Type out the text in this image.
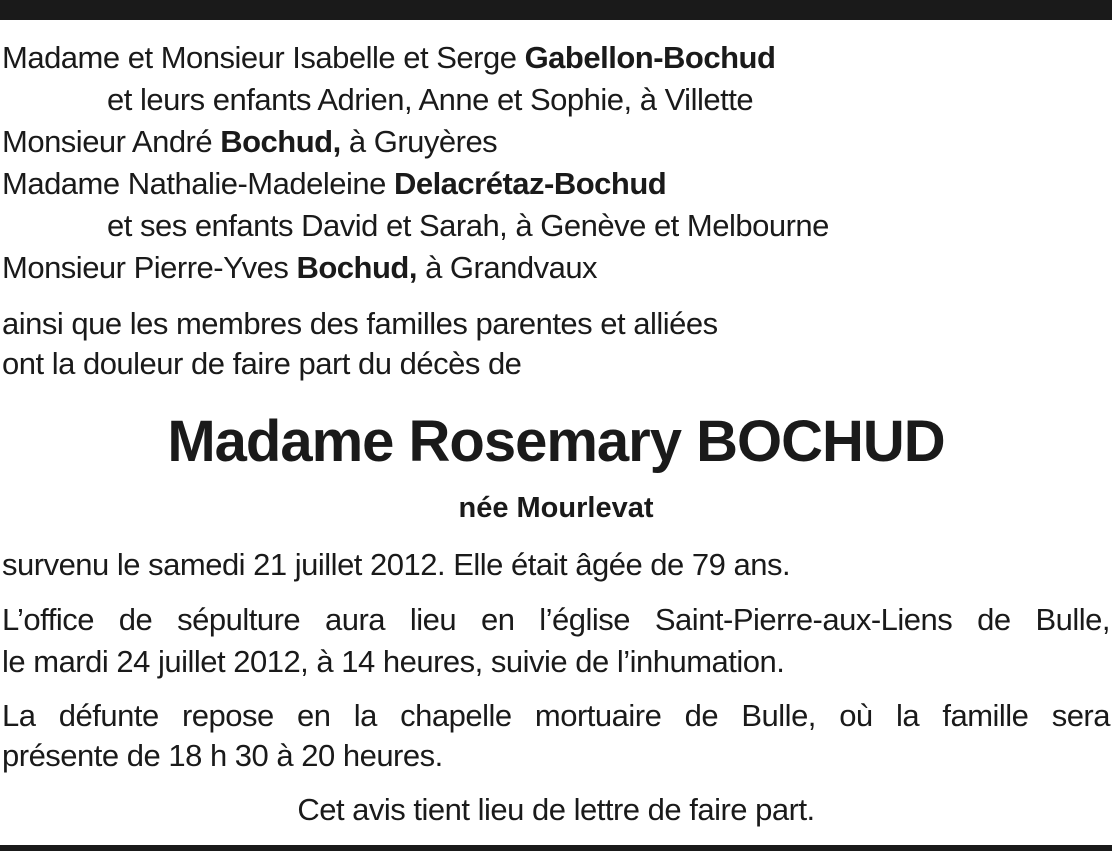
Madame et Monsieur Isabelle et Serge Gabellon-Bochud
et leurs enfants Adrien, Anne et Sophie, à Villette
Monsieur André Bochud, à Gruyères
Madame Nathalie-Madeleine Delacrétaz-Bochud
et ses enfants David et Sarah, à Genève et Melbourne
Monsieur Pierre-Yves Bochud, à Grandvaux
ainsi que les membres des familles parentes et alliées
ont la douleur de faire part du décès de
Madame Rosemary BOCHUD
née Mourlevat
survenu le samedi 21 juillet 2012. Elle était âgée de 79 ans.
L’office de sépulture aura lieu en l’église Saint-Pierre-aux-Liens de Bulle,
le mardi 24 juillet 2012, à 14 heures, suivie de l’inhumation.
La défunte repose en la chapelle mortuaire de Bulle, où la famille sera
présente de 18 h 30 à 20 heures.
Cet avis tient lieu de lettre de faire part.
